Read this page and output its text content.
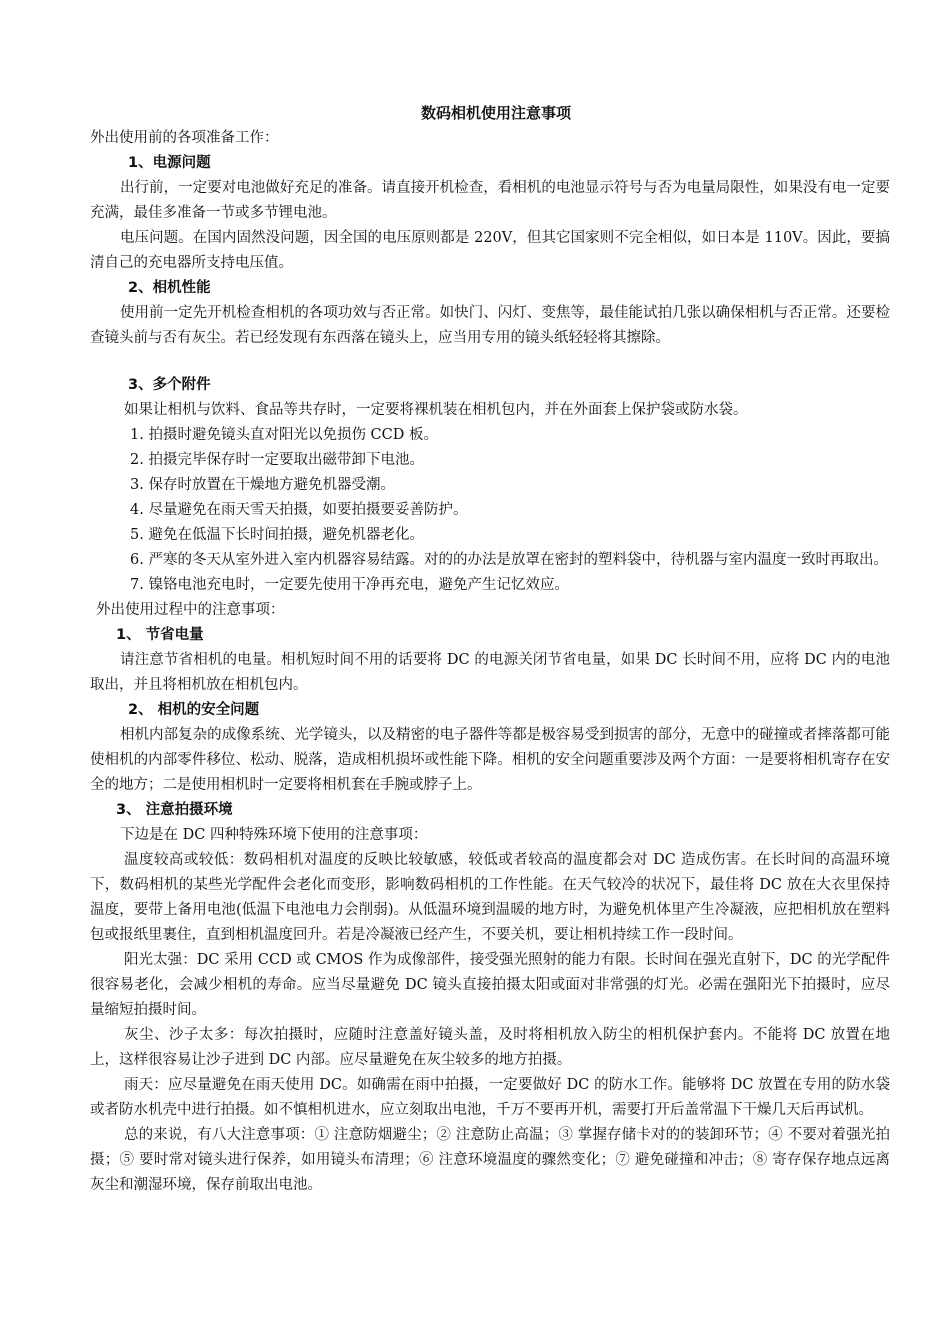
数码相机使用注意事项

外出使用前的各项准备工作：

1、电源问题

出行前，一定要对电池做好充足的准备。请直接开机检查，看相机的电池显示符号与否为电量局限性，如果没有电一定要充满，最佳多准备一节或多节锂电池。

电压问题。在国内固然没问题，因全国的电压原则都是 220V，但其它国家则不完全相似，如日本是 110V。因此，要搞清自己的充电器所支持电压值。

2、相机性能

使用前一定先开机检查相机的各项功效与否正常。如快门、闪灯、变焦等，最佳能试拍几张以确保相机与否正常。还要检查镜头前与否有灰尘。若已经发现有东西落在镜头上，应当用专用的镜头纸轻轻将其擦除。

3、多个附件

如果让相机与饮料、食品等共存时，一定要将裸机装在相机包内，并在外面套上保护袋或防水袋。

1. 拍摄时避免镜头直对阳光以免损伤 CCD 板。

2. 拍摄完毕保存时一定要取出磁带卸下电池。

3. 保存时放置在干燥地方避免机器受潮。

4. 尽量避免在雨天雪天拍摄，如要拍摄要妥善防护。

5. 避免在低温下长时间拍摄，避免机器老化。

6. 严寒的冬天从室外进入室内机器容易结露。对的的办法是放罩在密封的塑料袋中，待机器与室内温度一致时再取出。

7. 镍铬电池充电时，一定要先使用干净再充电，避免产生记忆效应。

外出使用过程中的注意事项：

1、 节省电量

请注意节省相机的电量。相机短时间不用的话要将 DC 的电源关闭节省电量，如果 DC 长时间不用，应将 DC 内的电池取出，并且将相机放在相机包内。

2、 相机的安全问题

相机内部复杂的成像系统、光学镜头，以及精密的电子器件等都是极容易受到损害的部分，无意中的碰撞或者摔落都可能使相机的内部零件移位、松动、脱落，造成相机损坏或性能下降。相机的安全问题重要涉及两个方面：一是要将相机寄存在安全的地方；二是使用相机时一定要将相机套在手腕或脖子上。

3、 注意拍摄环境

下边是在 DC 四种特殊环境下使用的注意事项：

温度较高或较低：数码相机对温度的反映比较敏感，较低或者较高的温度都会对 DC 造成伤害。在长时间的高温环境下，数码相机的某些光学配件会老化而变形，影响数码相机的工作性能。在天气较冷的状况下，最佳将 DC 放在大衣里保持温度，要带上备用电池(低温下电池电力会削弱)。从低温环境到温暖的地方时，为避免机体里产生冷凝液，应把相机放在塑料包或报纸里裹住，直到相机温度回升。若是冷凝液已经产生，不要关机，要让相机持续工作一段时间。

阳光太强：DC 采用 CCD 或 CMOS 作为成像部件，接受强光照射的能力有限。长时间在强光直射下，DC 的光学配件很容易老化，会减少相机的寿命。应当尽量避免 DC 镜头直接拍摄太阳或面对非常强的灯光。必需在强阳光下拍摄时，应尽量缩短拍摄时间。

灰尘、沙子太多：每次拍摄时，应随时注意盖好镜头盖，及时将相机放入防尘的相机保护套内。不能将 DC 放置在地上，这样很容易让沙子进到 DC 内部。应尽量避免在灰尘较多的地方拍摄。

雨天：应尽量避免在雨天使用 DC。如确需在雨中拍摄，一定要做好 DC 的防水工作。能够将 DC 放置在专用的防水袋或者防水机壳中进行拍摄。如不慎相机进水，应立刻取出电池，千万不要再开机，需要打开后盖常温下干燥几天后再试机。

总的来说，有八大注意事项：① 注意防烟避尘；② 注意防止高温；③ 掌握存储卡对的的装卸环节；④ 不要对着强光拍摄；⑤ 要时常对镜头进行保养，如用镜头布清理；⑥ 注意环境温度的骤然变化；⑦ 避免碰撞和冲击；⑧ 寄存保存地点远离灰尘和潮湿环境，保存前取出电池。
